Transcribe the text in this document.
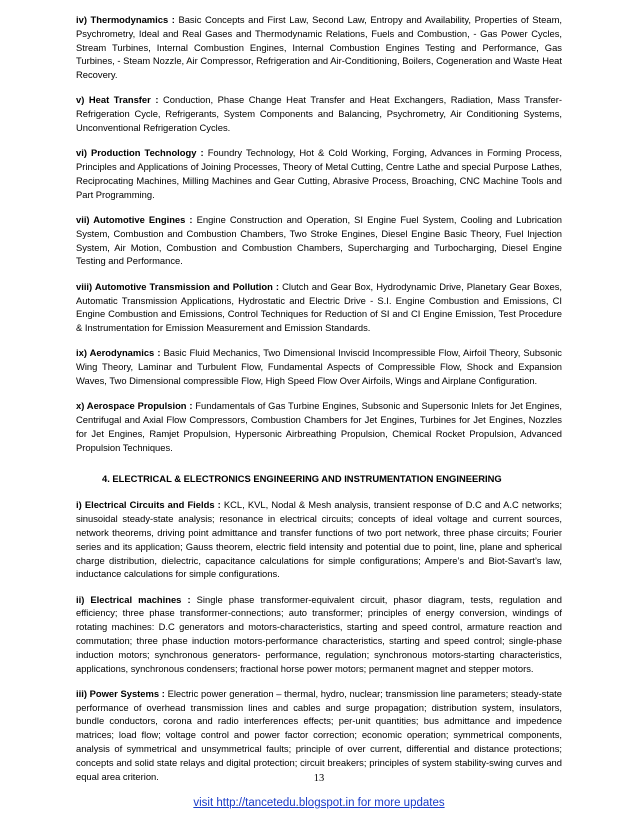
iv) Thermodynamics : Basic Concepts and First Law, Second Law, Entropy and Availability, Properties of Steam, Psychrometry, Ideal and Real Gases and Thermodynamic Relations, Fuels and Combustion, - Gas Power Cycles, Stream Turbines, Internal Combustion Engines, Internal Combustion Engines Testing and Performance, Gas Turbines, - Steam Nozzle, Air Compressor, Refrigeration and Air-Conditioning, Boilers, Cogeneration and Waste Heat Recovery.

v) Heat Transfer : Conduction, Phase Change Heat Transfer and Heat Exchangers, Radiation, Mass Transfer- Refrigeration Cycle, Refrigerants, System Components and Balancing, Psychrometry, Air Conditioning Systems, Unconventional Refrigeration Cycles.

vi) Production Technology : Foundry Technology, Hot & Cold Working, Forging, Advances in Forming Process, Principles and Applications of Joining Processes, Theory of Metal Cutting, Centre Lathe and special Purpose Lathes, Reciprocating Machines, Milling Machines and Gear Cutting, Abrasive Process, Broaching, CNC Machine Tools and Part Programming.

vii) Automotive Engines : Engine Construction and Operation, SI Engine Fuel System, Cooling and Lubrication System, Combustion and Combustion Chambers, Two Stroke Engines, Diesel Engine Basic Theory, Fuel Injection System, Air Motion, Combustion and Combustion Chambers, Supercharging and Turbocharging, Diesel Engine Testing and Performance.

viii) Automotive Transmission and Pollution : Clutch and Gear Box, Hydrodynamic Drive, Planetary Gear Boxes, Automatic Transmission Applications, Hydrostatic and Electric Drive - S.I. Engine Combustion and Emissions, CI Engine Combustion and Emissions, Control Techniques for Reduction of SI and CI Engine Emission, Test Procedure & Instrumentation for Emission Measurement and Emission Standards.

ix) Aerodynamics : Basic Fluid Mechanics, Two Dimensional Inviscid Incompressible Flow, Airfoil Theory, Subsonic Wing Theory, Laminar and Turbulent Flow, Fundamental Aspects of Compressible Flow, Shock and Expansion Waves, Two Dimensional compressible Flow, High Speed Flow Over Airfoils, Wings and Airplane Configuration.

x) Aerospace Propulsion : Fundamentals of Gas Turbine Engines, Subsonic and Supersonic Inlets for Jet Engines, Centrifugal and Axial Flow Compressors, Combustion Chambers for Jet Engines, Turbines for Jet Engines, Nozzles for Jet Engines, Ramjet Propulsion, Hypersonic Airbreathing Propulsion, Chemical Rocket Propulsion, Advanced Propulsion Techniques.

4. ELECTRICAL & ELECTRONICS ENGINEERING AND INSTRUMENTATION ENGINEERING

i) Electrical Circuits and Fields : KCL, KVL, Nodal & Mesh analysis, transient response of D.C and A.C networks; sinusoidal steady-state analysis; resonance in electrical circuits; concepts of ideal voltage and current sources, network theorems, driving point admittance and transfer functions of two port network, three phase circuits; Fourier series and its application; Gauss theorem, electric field intensity and potential due to point, line, plane and spherical charge distribution, dielectric, capacitance calculations for simple configurations; Ampere’s and Biot-Savart’s law, inductance calculations for simple configurations.

ii) Electrical machines : Single phase transformer-equivalent circuit, phasor diagram, tests, regulation and efficiency; three phase transformer-connections; auto transformer; principles of energy conversion, windings of rotating machines: D.C generators and motors-characteristics, starting and speed control, armature reaction and commutation; three phase induction motors-performance characteristics, starting and speed control; single-phase induction motors; synchronous generators- performance, regulation; synchronous motors-starting characteristics, applications, synchronous condensers; fractional horse power motors; permanent magnet and stepper motors.

iii) Power Systems : Electric power generation – thermal, hydro, nuclear; transmission line parameters; steady-state performance of overhead transmission lines and cables and surge propagation; distribution system, insulators, bundle conductors, corona and radio interferences effects; per-unit quantities; bus admittance and impedence matrices; load flow; voltage control and power factor correction; economic operation; symmetrical components, analysis of symmetrical and unsymmetrical faults; principle of over current, differential and distance protections; concepts and solid state relays and digital protection; circuit breakers; principles of system stability-swing curves and equal area criterion.	13
visit http://tancetedu.blogspot.in for more updates
